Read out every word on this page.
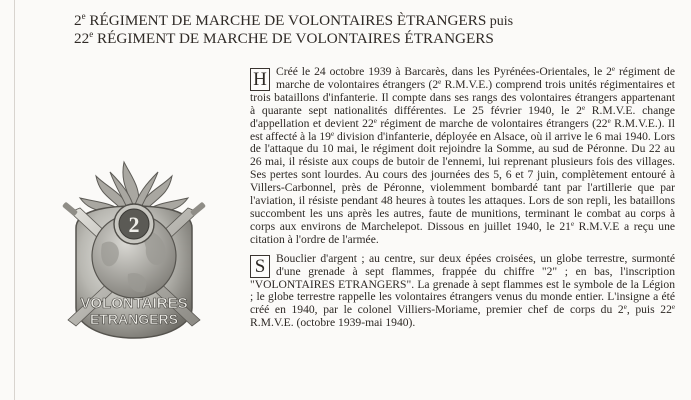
2e RÉGIMENT DE MARCHE DE VOLONTAIRES ÈTRANGERS puis
22e RÉGIMENT DE MARCHE DE VOLONTAIRES ÉTRANGERS
2
VOLONTAIRES
ETRANGERS

H Créé le 24 octobre 1939 à Barcarès, dans les Pyrénées-Orientales, le 2e régiment de marche de volontaires étrangers (2e R.M.V.E.) comprend trois unités régimentaires et trois bataillons d'infanterie. Il compte dans ses rangs des volontaires étrangers appartenant à quarante sept nationalités différentes. Le 25 février 1940, le 2e R.M.V.E. change d'appellation et devient 22e régiment de marche de volontaires étrangers (22e R.M.V.E.). Il est affecté à la 19e division d'infanterie, déployée en Alsace, où il arrive le 6 mai 1940. Lors de l'attaque du 10 mai, le régiment doit rejoindre la Somme, au sud de Péronne. Du 22 au 26 mai, il résiste aux coups de butoir de l'ennemi, lui reprenant plusieurs fois des villages. Ses pertes sont lourdes. Au cours des journées des 5, 6 et 7 juin, complètement entouré à Villers-Carbonnel, près de Péronne, violemment bombardé tant par l'artillerie que par l'aviation, il résiste pendant 48 heures à toutes les attaques. Lors de son repli, les bataillons succombent les uns après les autres, faute de munitions, terminant le combat au corps à corps aux environs de Marchelepot. Dissous en juillet 1940, le 21e R.M.V.E a reçu une citation à l'ordre de l'armée.

S Bouclier d'argent ; au centre, sur deux épées croisées, un globe terrestre, surmonté d'une grenade à sept flammes, frappée du chiffre "2" ; en bas, l'inscription "VOLONTAIRES ETRANGERS". La grenade à sept flammes est le symbole de la Légion ; le globe terrestre rappelle les volontaires étrangers venus du monde entier. L'insigne a été créé en 1940, par le colonel Villiers-Moriame, premier chef de corps du 2e, puis 22e R.M.V.E. (octobre 1939-mai 1940).
